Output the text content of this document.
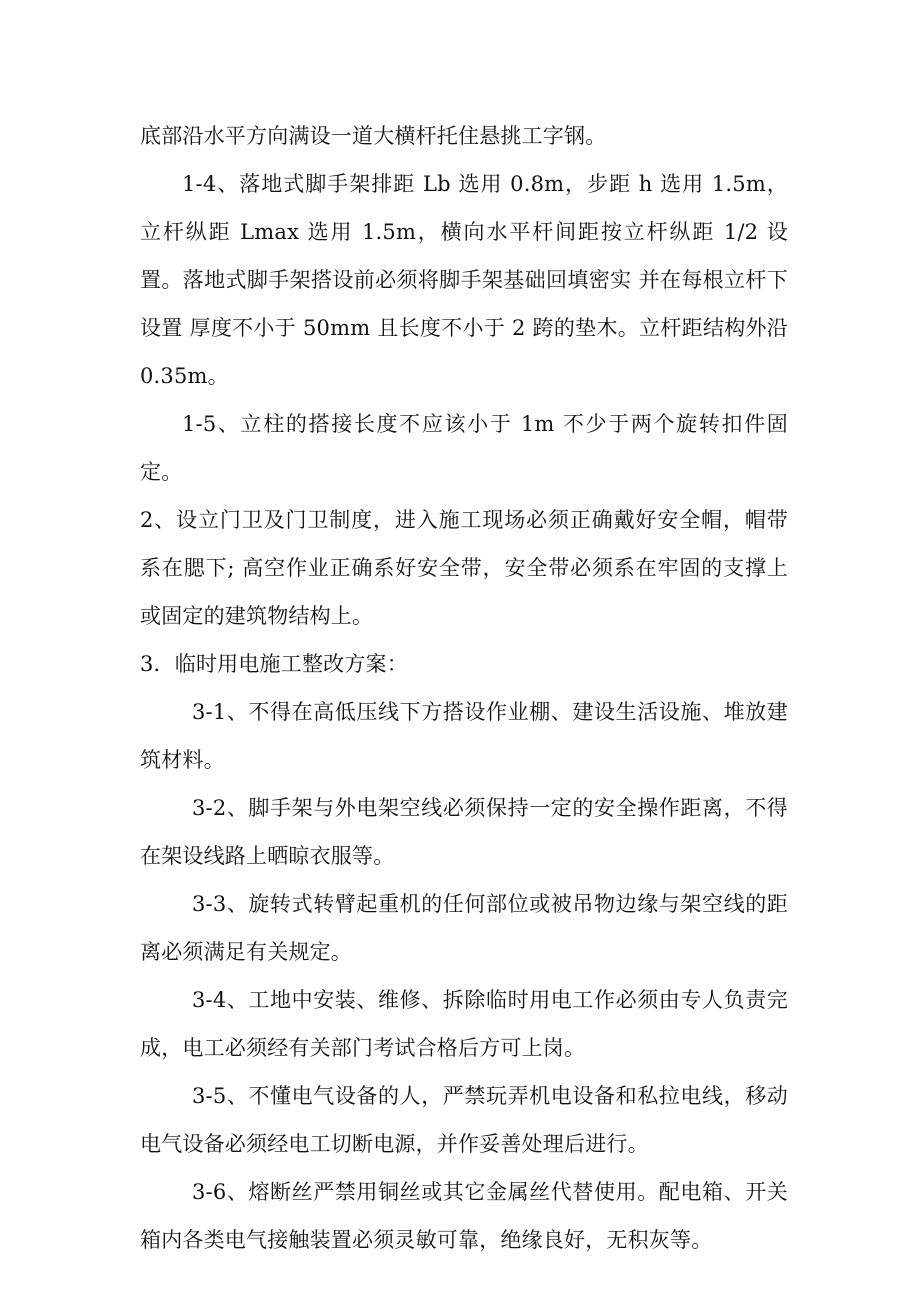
底部沿水平方向满设一道大横杆托住悬挑工字钢。

1-4、落地式脚手架排距 Lb 选用 0.8m，步距 h 选用 1.5m，立杆纵距 Lmax 选用 1.5m，横向水平杆间距按立杆纵距 1/2 设置。落地式脚手架搭设前必须将脚手架基础回填密实 并在每根立杆下设置 厚度不小于 50mm 且长度不小于 2 跨的垫木。立杆距结构外沿 0.35m。

1-5、立柱的搭接长度不应该小于 1m 不少于两个旋转扣件固定。

2、设立门卫及门卫制度，进入施工现场必须正确戴好安全帽，帽带系在腮下; 高空作业正确系好安全带，安全带必须系在牢固的支撑上或固定的建筑物结构上。

3．临时用电施工整改方案：

3-1、不得在高低压线下方搭设作业棚、建设生活设施、堆放建筑材料。

3-2、脚手架与外电架空线必须保持一定的安全操作距离，不得在架设线路上晒晾衣服等。

3-3、旋转式转臂起重机的任何部位或被吊物边缘与架空线的距离必须满足有关规定。

3-4、工地中安装、维修、拆除临时用电工作必须由专人负责完成，电工必须经有关部门考试合格后方可上岗。

3-5、不懂电气设备的人，严禁玩弄机电设备和私拉电线，移动电气设备必须经电工切断电源，并作妥善处理后进行。

3-6、熔断丝严禁用铜丝或其它金属丝代替使用。配电箱、开关箱内各类电气接触装置必须灵敏可靠，绝缘良好，无积灰等。
